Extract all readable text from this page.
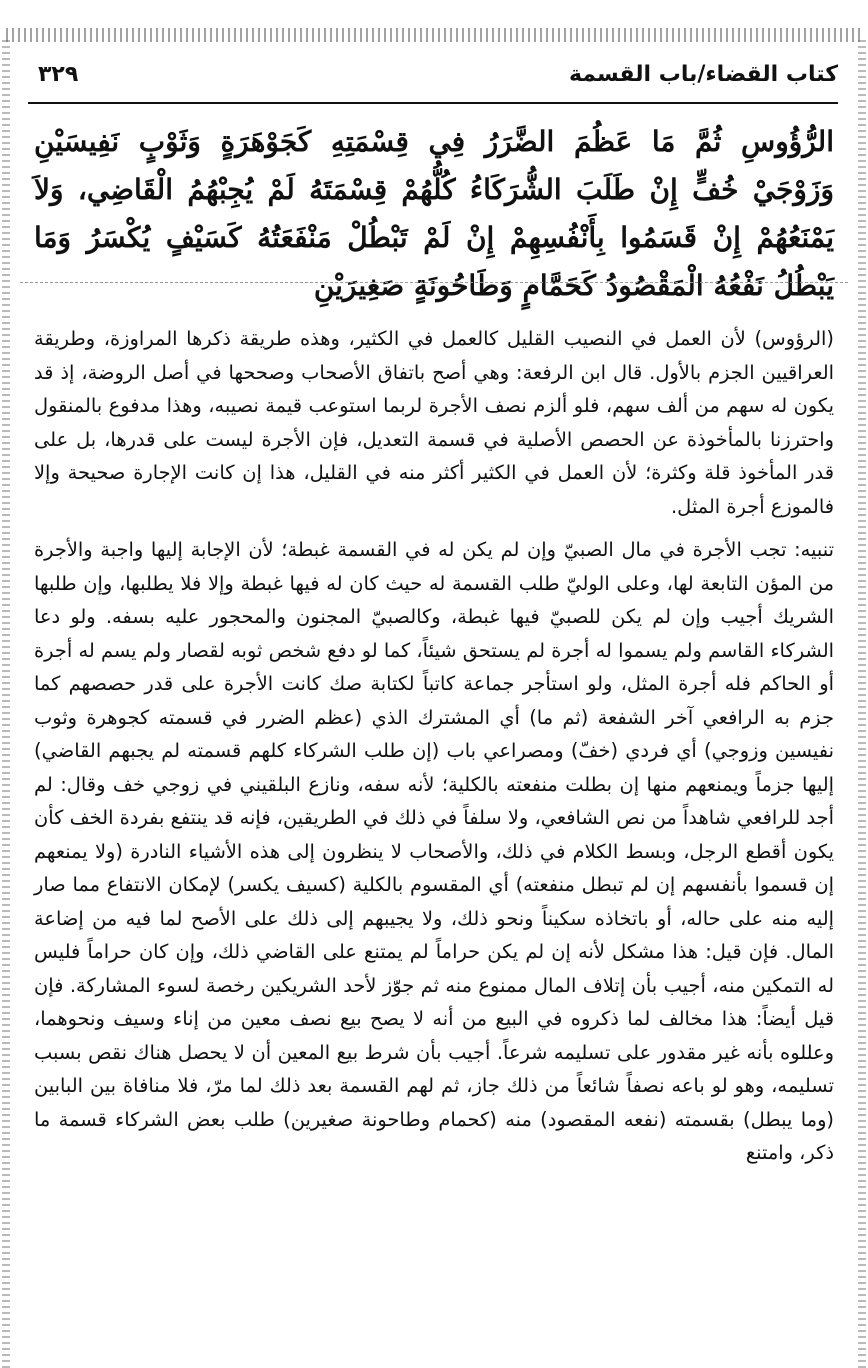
٣٢٩	كتاب القضاء/باب القسمة

الرُّؤُوسِ ثُمَّ مَا عَظُمَ الضَّرَرُ فِي قِسْمَتِهِ كَجَوْهَرَةٍ وَثَوْبٍ نَفِيسَيْنِ وَزَوْجَيْ خُفٍّ إِنْ طَلَبَ الشُّرَكَاءُ كُلُّهُمْ قِسْمَتَهُ لَمْ يُجِبْهُمُ الْقَاضِي، وَلاَ يَمْنَعُهُمْ إِنْ قَسَمُوا بِأَنْفُسِهِمْ إِنْ لَمْ تَبْطُلْ مَنْفَعَتُهُ كَسَيْفٍ يُكْسَرُ وَمَا يَبْطُلُ نَفْعُهُ الْمَقْصُودُ كَحَمَّامٍ وَطَاحُونَةٍ صَغِيرَيْنِ

(الرؤوس) لأن العمل في النصيب القليل كالعمل في الكثير، وهذه طريقة ذكرها المراوزة، وطريقة العراقيين الجزم بالأول. قال ابن الرفعة: وهي أصح باتفاق الأصحاب وصححها في أصل الروضة، إذ قد يكون له سهم من ألف سهم، فلو ألزم نصف الأجرة لربما استوعب قيمة نصيبه، وهذا مدفوع بالمنقول واحترزنا بالمأخوذة عن الحصص الأصلية في قسمة التعديل، فإن الأجرة ليست على قدرها، بل على قدر المأخوذ قلة وكثرة؛ لأن العمل في الكثير أكثر منه في القليل، هذا إن كانت الإجارة صحيحة وإلا فالموزع أجرة المثل.

تنبيه: تجب الأجرة في مال الصبيّ وإن لم يكن له في القسمة غبطة؛ لأن الإجابة إليها واجبة والأجرة من المؤن التابعة لها، وعلى الوليّ طلب القسمة له حيث كان له فيها غبطة وإلا فلا يطلبها، وإن طلبها الشريك أجيب وإن لم يكن للصبيّ فيها غبطة، وكالصبيّ المجنون والمحجور عليه بسفه. ولو دعا الشركاء القاسم ولم يسموا له أجرة لم يستحق شيئاً، كما لو دفع شخص ثوبه لقصار ولم يسم له أجرة أو الحاكم فله أجرة المثل، ولو استأجر جماعة كاتباً لكتابة صك كانت الأجرة على قدر حصصهم كما جزم به الرافعي آخر الشفعة (ثم ما) أي المشترك الذي (عظم الضرر في قسمته كجوهرة وثوب نفيسين وزوجي) أي فردي (خفّ) ومصراعي باب (إن طلب الشركاء كلهم قسمته لم يجبهم القاضي) إليها جزماً ويمنعهم منها إن بطلت منفعته بالكلية؛ لأنه سفه، ونازع البلقيني في زوجي خف وقال: لم أجد للرافعي شاهداً من نص الشافعي، ولا سلفاً في ذلك في الطريقين، فإنه قد ينتفع بفردة الخف كأن يكون أقطع الرجل، وبسط الكلام في ذلك، والأصحاب لا ينظرون إلى هذه الأشياء النادرة (ولا يمنعهم إن قسموا بأنفسهم إن لم تبطل منفعته) أي المقسوم بالكلية (كسيف يكسر) لإمكان الانتفاع مما صار إليه منه على حاله، أو باتخاذه سكيناً ونحو ذلك، ولا يجيبهم إلى ذلك على الأصح لما فيه من إضاعة المال. فإن قيل: هذا مشكل لأنه إن لم يكن حراماً لم يمتنع على القاضي ذلك، وإن كان حراماً فليس له التمكين منه، أجيب بأن إتلاف المال ممنوع منه ثم جوّز لأحد الشريكين رخصة لسوء المشاركة. فإن قيل أيضاً: هذا مخالف لما ذكروه في البيع من أنه لا يصح بيع نصف معين من إناء وسيف ونحوهما، وعللوه بأنه غير مقدور على تسليمه شرعاً. أجيب بأن شرط بيع المعين أن لا يحصل هناك نقص بسبب تسليمه، وهو لو باعه نصفاً شائعاً من ذلك جاز، ثم لهم القسمة بعد ذلك لما مرّ، فلا منافاة بين البابين (وما يبطل) بقسمته (نفعه المقصود) منه (كحمام وطاحونة صغيرين) طلب بعض الشركاء قسمة ما ذكر، وامتنع
